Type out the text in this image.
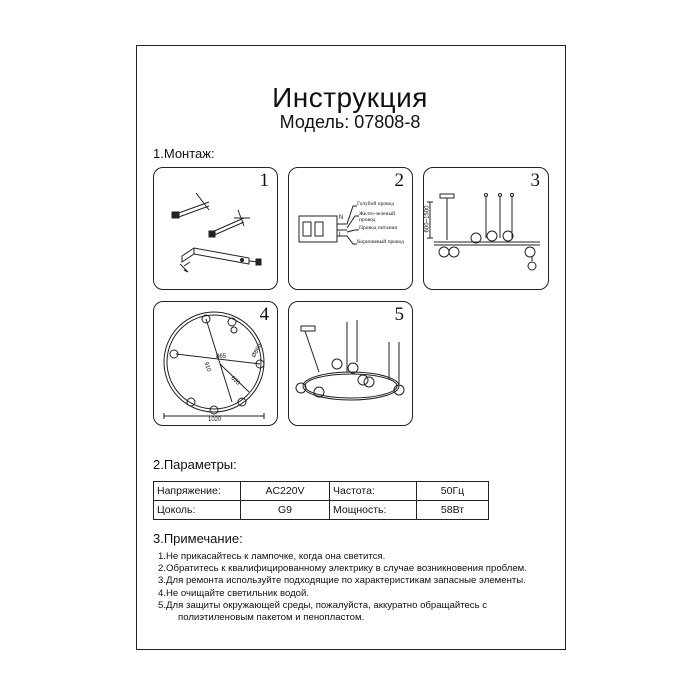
Инструкция
Модель: 07808-8
1.Монтаж:
1	2
N
L
Голубой провод
Желто-зеленый провод
Провод питания
Коричневый провод
3
600~1500
4
Ø860
865
910
630
1020
5
2.Параметры:
Напряжение:	AC220V	Частота:	50Гц
Цоколь:	G9	Мощность:	58Вт
3.Примечание:
1.Не прикасайтесь к лампочке, когда она светится.
2.Обратитесь к квалифицированному электрику в случае возникновения проблем.
3.Для ремонта используйте подходящие по характеристикам запасные элементы.
4.Не очищайте светильник водой.
5.Для защиты окружающей среды, пожалуйста, аккуратно обращайтесь с
полиэтиленовым пакетом и пенопластом.
